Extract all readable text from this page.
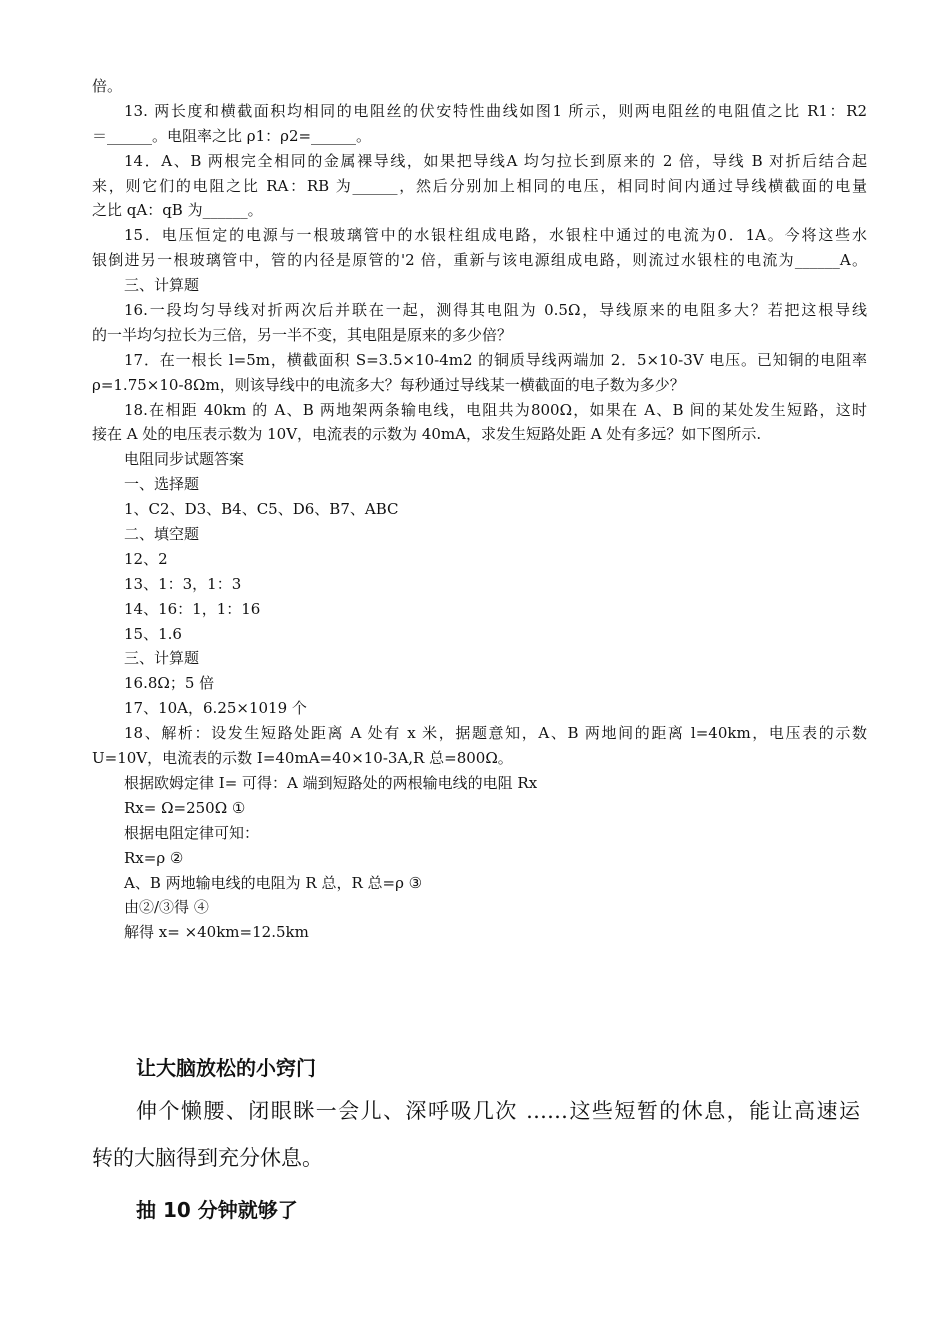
倍。
13. 两长度和横截面积均相同的电阻丝的伏安特性曲线如图1 所示，则两电阻丝的电阻值之比 R1：R2
＝______。电阻率之比 ρ1：ρ2=______。
14．A、B 两根完全相同的金属裸导线，如果把导线A 均匀拉长到原来的 2 倍，导线 B 对折后结合起
来，则它们的电阻之比 RA：RB 为______，然后分别加上相同的电压，相同时间内通过导线横截面的电量
之比 qA：qB 为______。
15．电压恒定的电源与一根玻璃管中的水银柱组成电路，水银柱中通过的电流为0．1A。今将这些水
银倒进另一根玻璃管中，管的内径是原管的'2 倍，重新与该电源组成电路，则流过水银柱的电流为______A。
三、计算题
16.一段均匀导线对折两次后并联在一起，测得其电阻为 0.5Ω，导线原来的电阻多大？若把这根导线
的一半均匀拉长为三倍，另一半不变，其电阻是原来的多少倍？
17．在一根长 l=5m，横截面积 S=3.5×10-4m2 的铜质导线两端加 2．5×10-3V 电压。已知铜的电阻率
ρ=1.75×10-8Ωm，则该导线中的电流多大？每秒通过导线某一横截面的电子数为多少？
18.在相距 40km 的 A、B 两地架两条输电线，电阻共为800Ω，如果在 A、B 间的某处发生短路，这时
接在 A 处的电压表示数为 10V，电流表的示数为 40mA，求发生短路处距 A 处有多远？如下图所示.
电阻同步试题答案
一、选择题
1、C2、D3、B4、C5、D6、B7、ABC
二、填空题
12、2
13、1：3，1：3
14、16：1，1：16
15、1.6
三、计算题
16.8Ω；5 倍
17、10A，6.25×1019 个
18、解析：设发生短路处距离 A 处有 x 米，据题意知，A、B 两地间的距离 l=40km，电压表的示数
U=10V，电流表的示数 I=40mA=40×10-3A,R 总=800Ω。
根据欧姆定律 I= 可得：A 端到短路处的两根输电线的电阻 Rx
Rx= Ω=250Ω ①
根据电阻定律可知：
Rx=ρ ②
A、B 两地输电线的电阻为 R 总，R 总=ρ ③
由②/③得 ④
解得 x= ×40km=12.5km
让大脑放松的小窍门
伸个懒腰、闭眼眯一会儿、深呼吸几次 ……这些短暂的休息，能让高速运
转的大脑得到充分休息。
抽 10 分钟就够了
